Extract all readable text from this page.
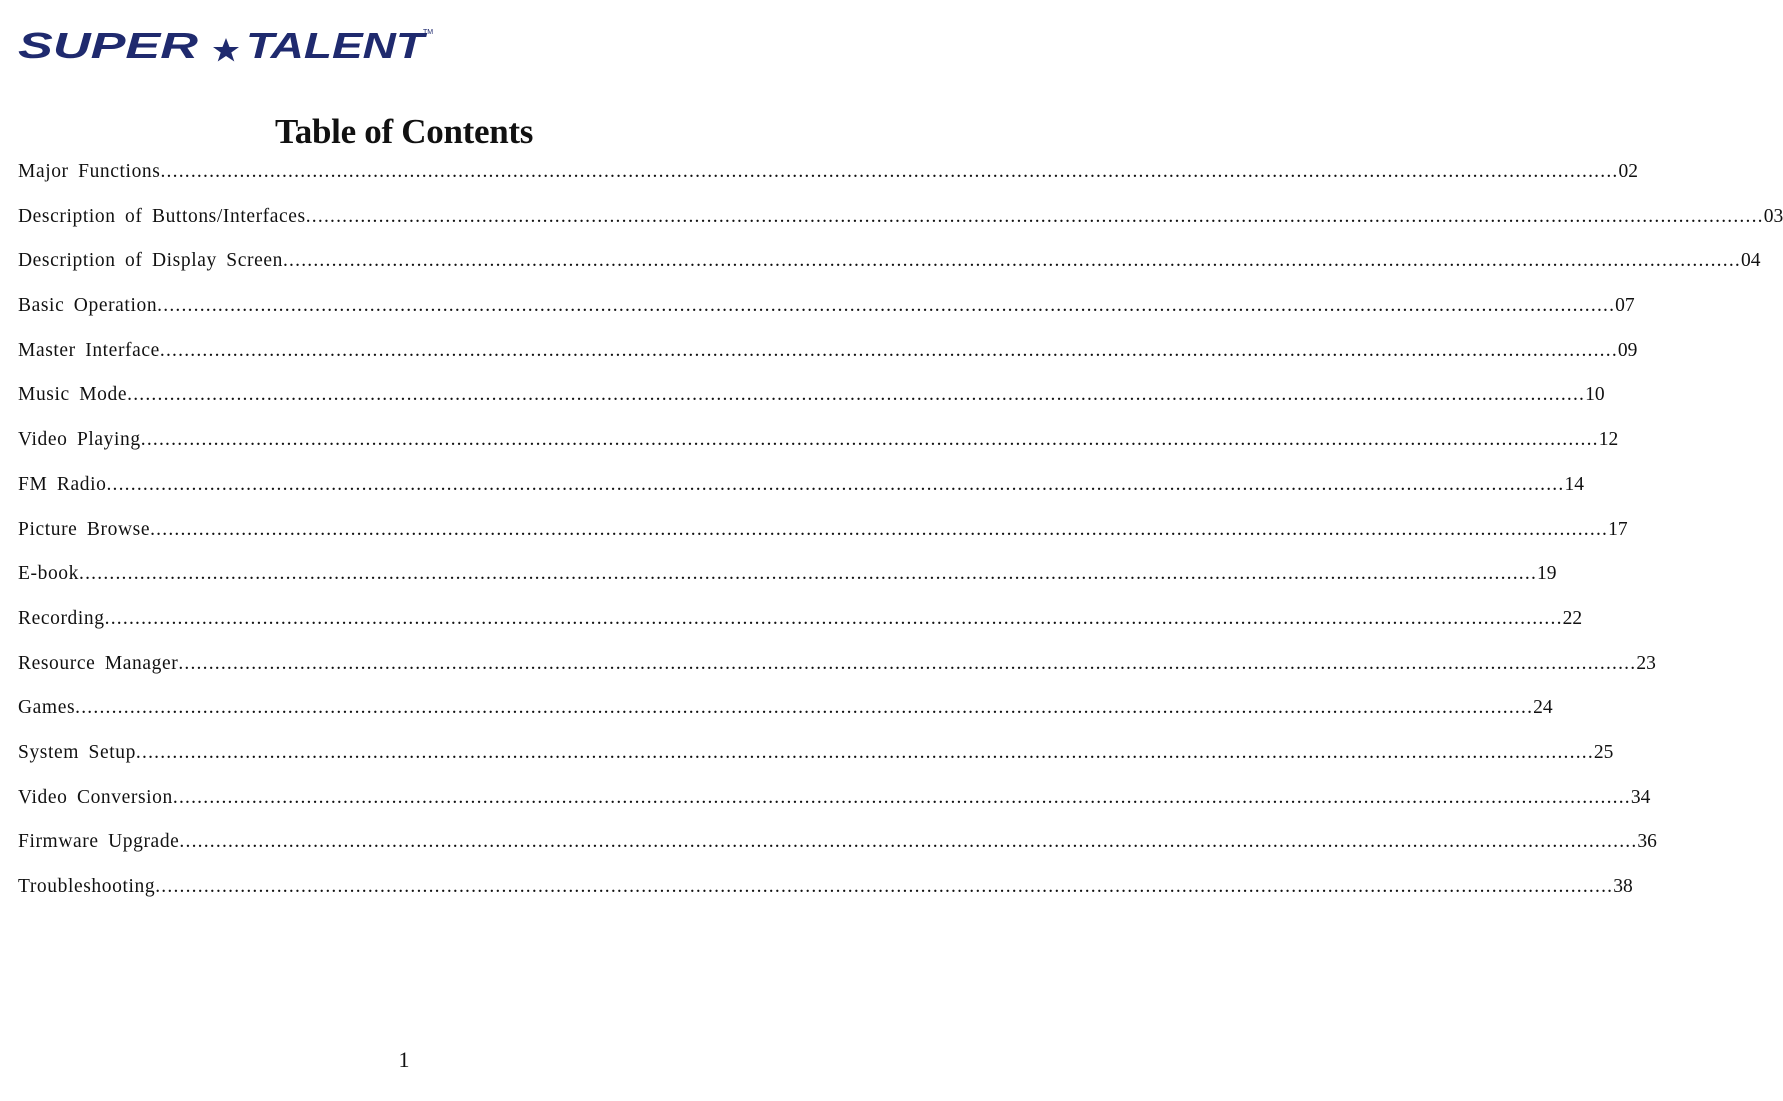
SUPER TALENT
TM
Table of Contents
Major Functions ................................................................................................................................................................................................................................................ 02
Description of Buttons/Interfaces ................................................................................................................................................................................................................................................ 03
Description of Display Screen ................................................................................................................................................................................................................................................ 04
Basic Operation ................................................................................................................................................................................................................................................ 07
Master Interface ................................................................................................................................................................................................................................................ 09
Music Mode ................................................................................................................................................................................................................................................ 10
Video Playing ................................................................................................................................................................................................................................................ 12
FM Radio ................................................................................................................................................................................................................................................ 14
Picture Browse ................................................................................................................................................................................................................................................ 17
E-book ................................................................................................................................................................................................................................................ 19
Recording ................................................................................................................................................................................................................................................ 22
Resource Manager ................................................................................................................................................................................................................................................ 23
Games ................................................................................................................................................................................................................................................ 24
System Setup ................................................................................................................................................................................................................................................ 25
Video Conversion ................................................................................................................................................................................................................................................ 34
Firmware Upgrade ................................................................................................................................................................................................................................................ 36
Troubleshooting ................................................................................................................................................................................................................................................ 38
1
